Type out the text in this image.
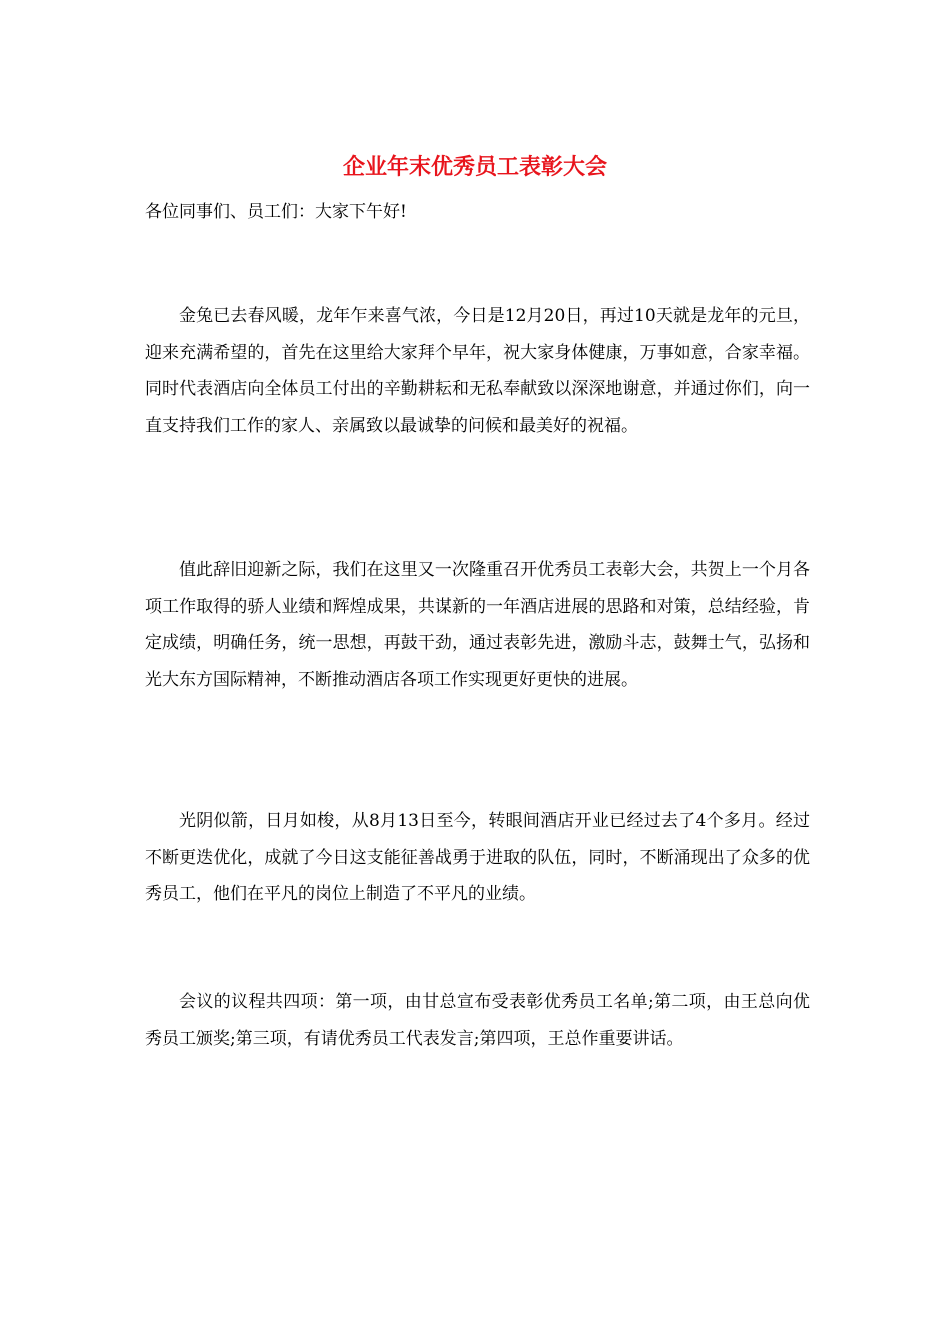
企业年末优秀员工表彰大会

各位同事们、员工们：大家下午好!

金兔已去春风暖，龙年乍来喜气浓，今日是12月20日，再过10天就是龙年的元旦，迎来充满希望的，首先在这里给大家拜个早年，祝大家身体健康，万事如意，合家幸福。同时代表酒店向全体员工付出的辛勤耕耘和无私奉献致以深深地谢意，并通过你们，向一直支持我们工作的家人、亲属致以最诚挚的问候和最美好的祝福。

值此辞旧迎新之际，我们在这里又一次隆重召开优秀员工表彰大会，共贺上一个月各项工作取得的骄人业绩和辉煌成果，共谋新的一年酒店进展的思路和对策，总结经验，肯定成绩，明确任务，统一思想，再鼓干劲，通过表彰先进，激励斗志，鼓舞士气，弘扬和光大东方国际精神，不断推动酒店各项工作实现更好更快的进展。

光阴似箭，日月如梭，从8月13日至今，转眼间酒店开业已经过去了4个多月。经过不断更迭优化，成就了今日这支能征善战勇于进取的队伍，同时，不断涌现出了众多的优秀员工，他们在平凡的岗位上制造了不平凡的业绩。

会议的议程共四项：第一项，由甘总宣布受表彰优秀员工名单;第二项，由王总向优秀员工颁奖;第三项，有请优秀员工代表发言;第四项，王总作重要讲话。
